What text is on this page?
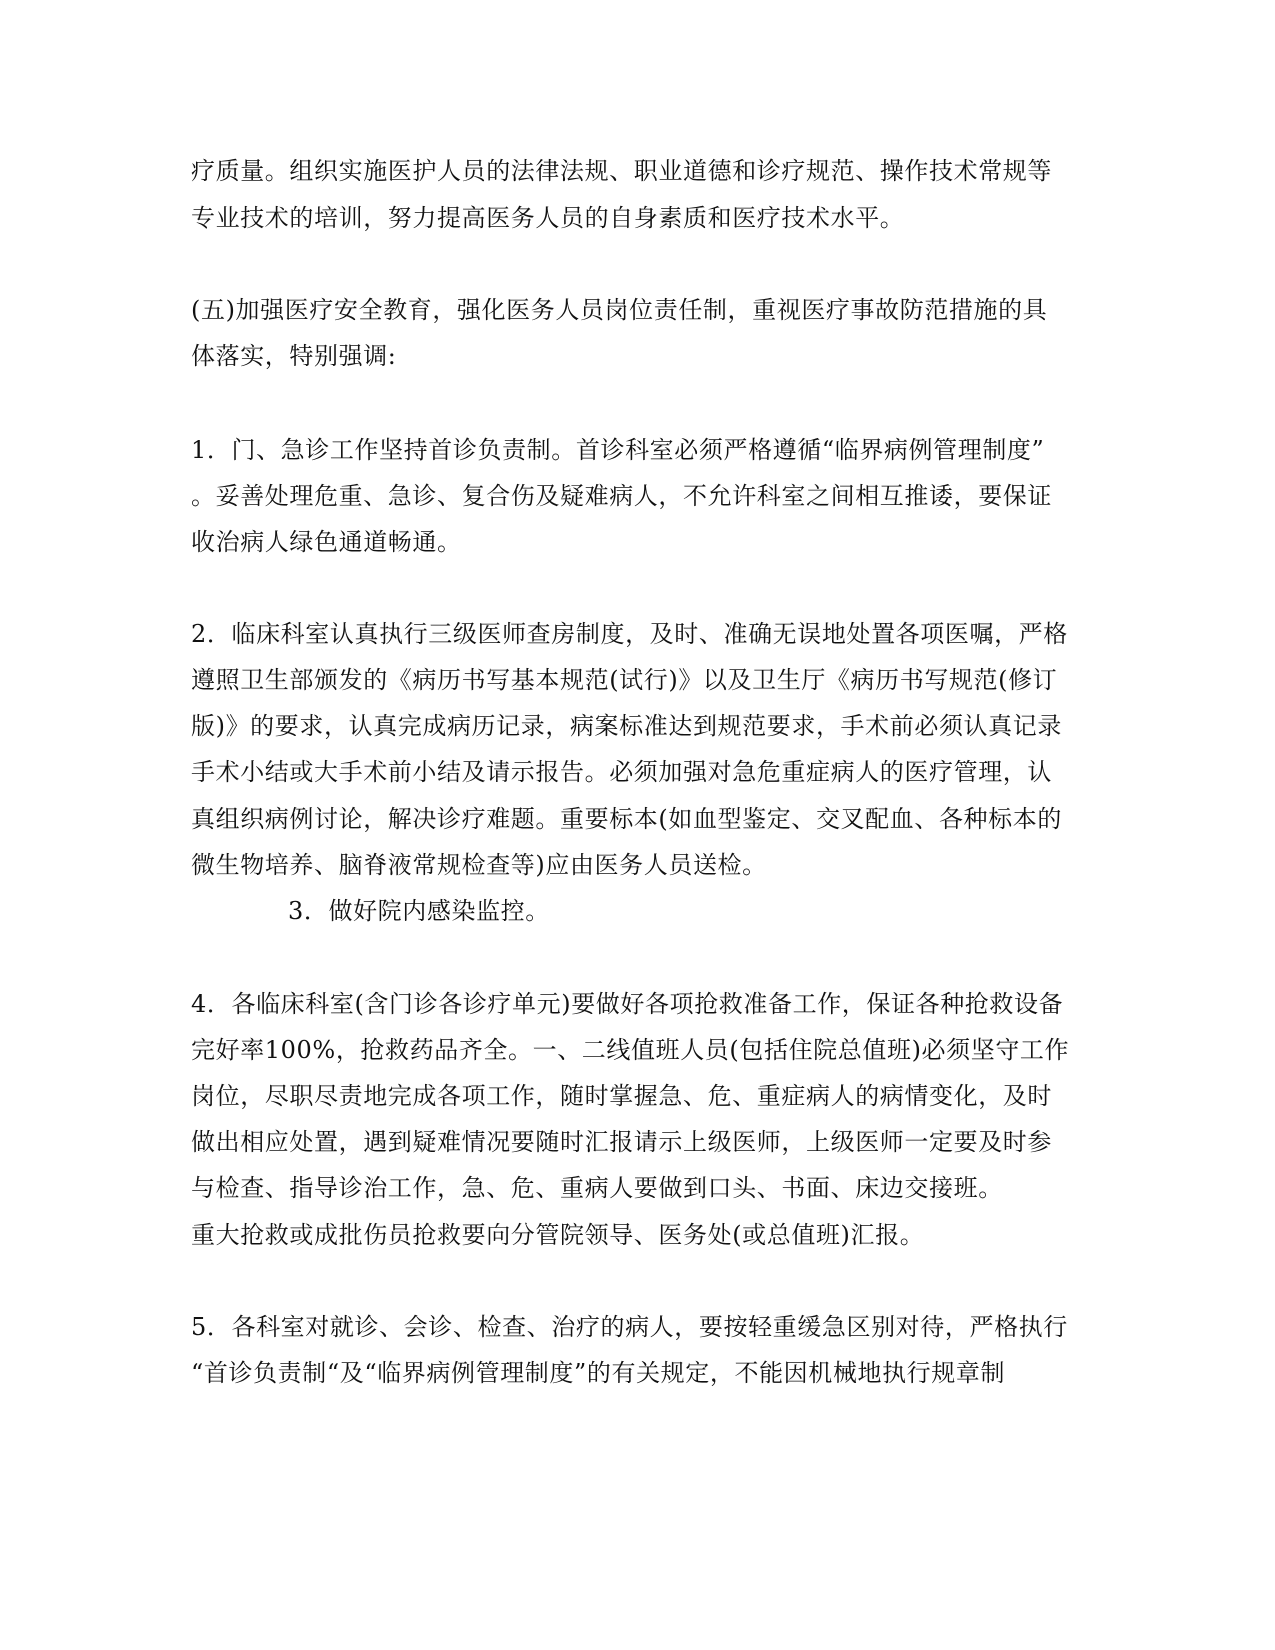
疗质量。组织实施医护人员的法律法规、职业道德和诊疗规范、操作技术常规等
专业技术的培训，努力提高医务人员的自身素质和医疗技术水平。
(五)加强医疗安全教育，强化医务人员岗位责任制，重视医疗事故防范措施的具
体落实，特别强调:
1．门、急诊工作坚持首诊负责制。首诊科室必须严格遵循“临界病例管理制度”
。妥善处理危重、急诊、复合伤及疑难病人，不允许科室之间相互推诿，要保证
收治病人绿色通道畅通。
2．临床科室认真执行三级医师查房制度，及时、准确无误地处置各项医嘱，严格
遵照卫生部颁发的《病历书写基本规范(试行)》以及卫生厅《病历书写规范(修订
版)》的要求，认真完成病历记录，病案标准达到规范要求，手术前必须认真记录
手术小结或大手术前小结及请示报告。必须加强对急危重症病人的医疗管理，认
真组织病例讨论，解决诊疗难题。重要标本(如血型鉴定、交叉配血、各种标本的
微生物培养、脑脊液常规检查等)应由医务人员送检。
3．做好院内感染监控。
4．各临床科室(含门诊各诊疗单元)要做好各项抢救准备工作，保证各种抢救设备
完好率100%，抢救药品齐全。一、二线值班人员(包括住院总值班)必须坚守工作
岗位，尽职尽责地完成各项工作，随时掌握急、危、重症病人的病情变化，及时
做出相应处置，遇到疑难情况要随时汇报请示上级医师，上级医师一定要及时参
与检查、指导诊治工作，急、危、重病人要做到口头、书面、床边交接班。
重大抢救或成批伤员抢救要向分管院领导、医务处(或总值班)汇报。
5．各科室对就诊、会诊、检查、治疗的病人，要按轻重缓急区别对待，严格执行
“首诊负责制“及“临界病例管理制度”的有关规定，不能因机械地执行规章制
